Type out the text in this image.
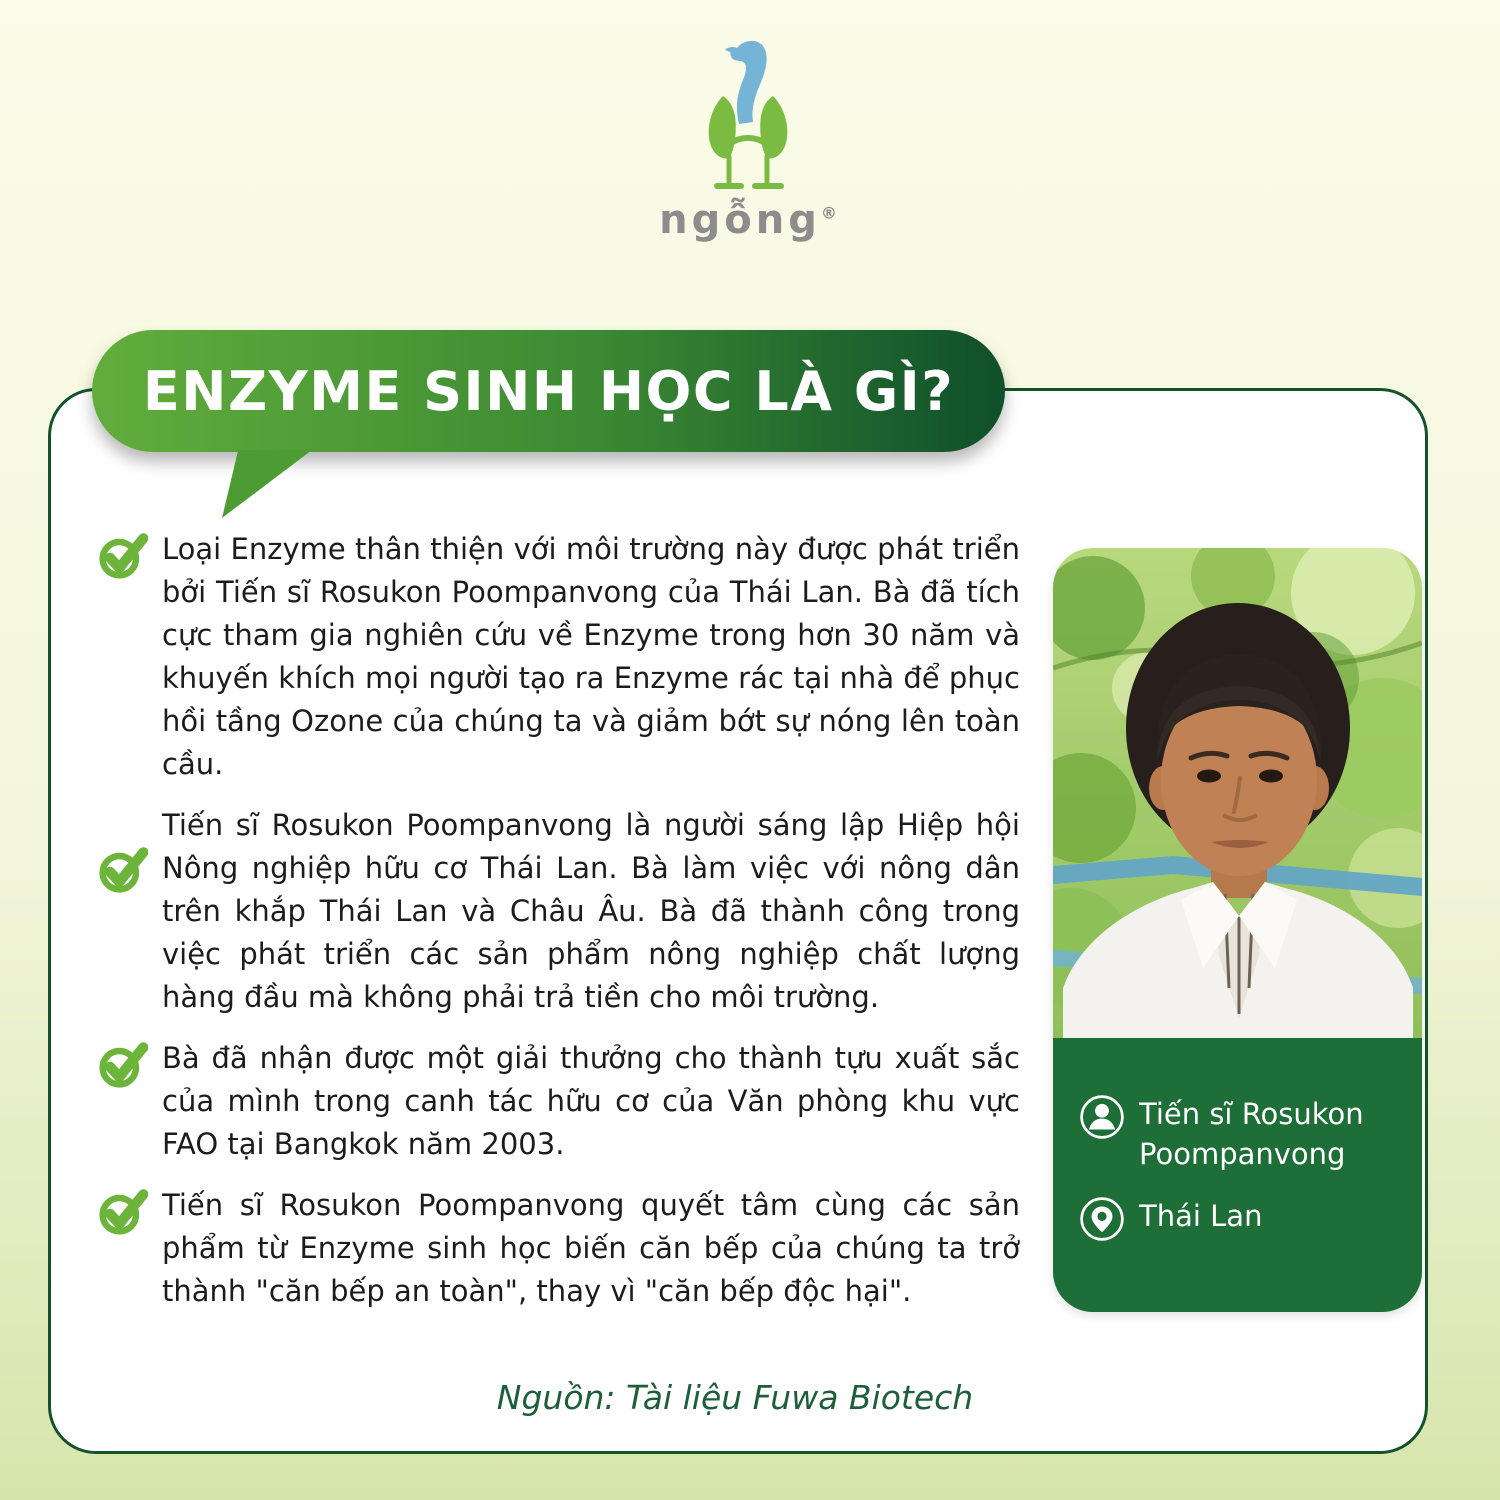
ngỗng®
ENZYME SINH HỌC LÀ GÌ?
Loại Enzyme thân thiện với môi trường này được phát triển bởi Tiến sĩ Rosukon Poompanvong của Thái Lan. Bà đã tích cực tham gia nghiên cứu về Enzyme trong hơn 30 năm và khuyến khích mọi người tạo ra Enzyme rác tại nhà để phục hồi tầng Ozone của chúng ta và giảm bớt sự nóng lên toàn cầu.
Tiến sĩ Rosukon Poompanvong là người sáng lập Hiệp hội Nông nghiệp hữu cơ Thái Lan. Bà làm việc với nông dân trên khắp Thái Lan và Châu Âu. Bà đã thành công trong việc phát triển các sản phẩm nông nghiệp chất lượng hàng đầu mà không phải trả tiền cho môi trường.
Bà đã nhận được một giải thưởng cho thành tựu xuất sắc của mình trong canh tác hữu cơ của Văn phòng khu vực FAO tại Bangkok năm 2003.
Tiến sĩ Rosukon Poompanvong quyết tâm cùng các sản phẩm từ Enzyme sinh học biến căn bếp của chúng ta trở thành "căn bếp an toàn", thay vì "căn bếp độc hại".
Tiến sĩ Rosukon Poompanvong
Thái Lan
Nguồn: Tài liệu Fuwa Biotech
